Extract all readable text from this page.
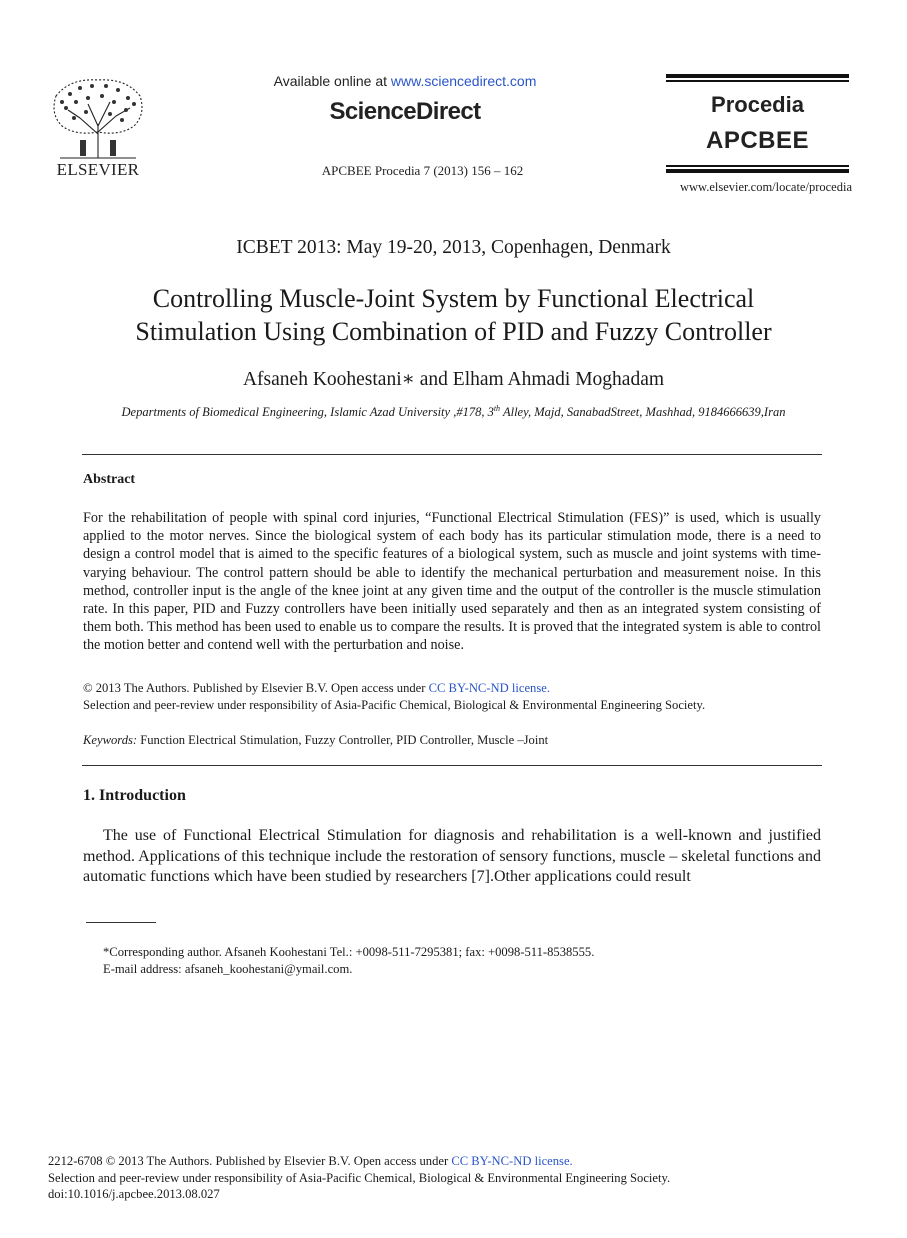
ELSEVIER
Available online at www.sciencedirect.com
ScienceDirect
APCBEE Procedia 7 (2013) 156 – 162
Procedia
APCBEE
www.elsevier.com/locate/procedia
ICBET 2013: May 19-20, 2013, Copenhagen, Denmark
Controlling Muscle-Joint System by Functional Electrical
Stimulation Using Combination of PID and Fuzzy Controller
Afsaneh Koohestani∗ and Elham Ahmadi Moghadam
Departments of Biomedical Engineering, Islamic Azad University ,#178, 3th Alley, Majd, SanabadStreet, Mashhad, 9184666639,Iran
Abstract
For the rehabilitation of people with spinal cord injuries, “Functional Electrical Stimulation (FES)” is used, which is usually applied to the motor nerves. Since the biological system of each body has its particular stimulation mode, there is a need to design a control model that is aimed to the specific features of a biological system, such as muscle and joint systems with time-varying behaviour. The control pattern should be able to identify the mechanical perturbation and measurement noise. In this method, controller input is the angle of the knee joint at any given time and the output of the controller is the muscle stimulation rate. In this paper, PID and Fuzzy controllers have been initially used separately and then as an integrated system consisting of them both. This method has been used to enable us to compare the results. It is proved that the integrated system is able to control the motion better and contend well with the perturbation and noise.
© 2013 The Authors. Published by Elsevier B.V. Open access under CC BY-NC-ND license.
Selection and peer-review under responsibility of Asia-Pacific Chemical, Biological & Environmental Engineering Society.
Keywords: Function Electrical Stimulation, Fuzzy Controller, PID Controller, Muscle –Joint
1. Introduction
The use of Functional Electrical Stimulation for diagnosis and rehabilitation is a well-known and justified method. Applications of this technique include the restoration of sensory functions, muscle – skeletal functions and automatic functions which have been studied by researchers [7].Other applications could result
*Corresponding author. Afsaneh Koohestani Tel.: +0098-511-7295381; fax: +0098-511-8538555.
E-mail address: afsaneh_koohestani@ymail.com.
2212-6708 © 2013 The Authors. Published by Elsevier B.V. Open access under CC BY-NC-ND license.
Selection and peer-review under responsibility of Asia-Pacific Chemical, Biological & Environmental Engineering Society.
doi:10.1016/j.apcbee.2013.08.027
